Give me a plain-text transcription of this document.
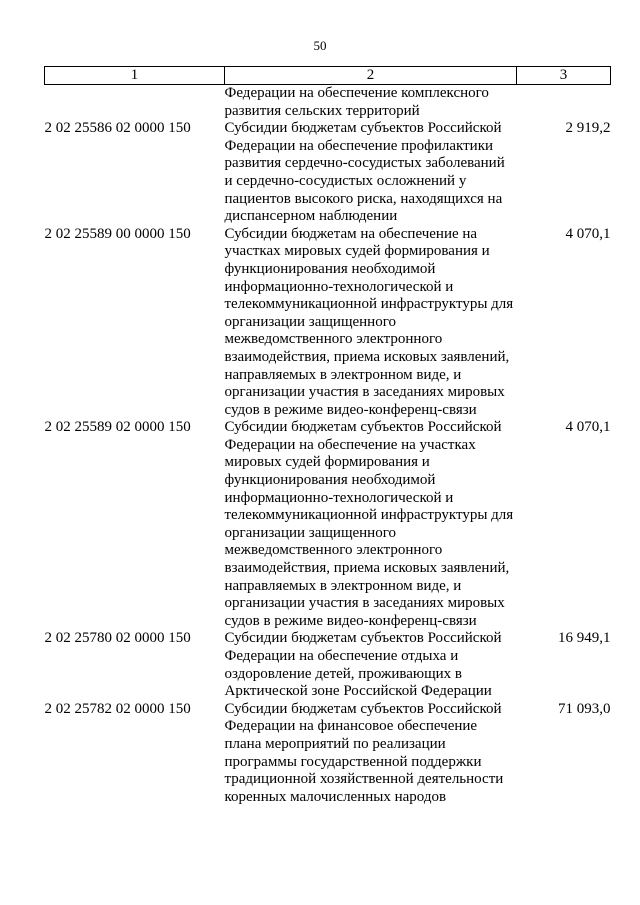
50
1	2	3
	Федерации на обеспечение комплексного развития сельских территорий	
2 02 25586 02 0000 150	Субсидии бюджетам субъектов Российской Федерации на обеспечение профилактики развития сердечно-сосудистых заболеваний и сердечно-сосудистых осложнений у пациентов высокого риска, находящихся на диспансерном наблюдении	2 919,2
2 02 25589 00 0000 150	Субсидии бюджетам на обеспечение на участках мировых судей формирования и функционирования необходимой информационно-технологической и телекоммуникационной инфраструктуры для организации защищенного межведомственного электронного взаимодействия, приема исковых заявлений, направляемых в электронном виде, и организации участия в заседаниях мировых судов в режиме видео-конференц-связи	4 070,1
2 02 25589 02 0000 150	Субсидии бюджетам субъектов Российской Федерации на обеспечение на участках мировых судей формирования и функционирования необходимой информационно-технологической и телекоммуникационной инфраструктуры для организации защищенного межведомственного электронного взаимодействия, приема исковых заявлений, направляемых в электронном виде, и организации участия в заседаниях мировых судов в режиме видео-конференц-связи	4 070,1
2 02 25780 02 0000 150	Субсидии бюджетам субъектов Российской Федерации на обеспечение отдыха и оздоровление детей, проживающих в Арктической зоне Российской Федерации	16 949,1
2 02 25782 02 0000 150	Субсидии бюджетам субъектов Российской Федерации на финансовое обеспечение плана мероприятий по реализации программы государственной поддержки традиционной хозяйственной деятельности коренных малочисленных народов	71 093,0
